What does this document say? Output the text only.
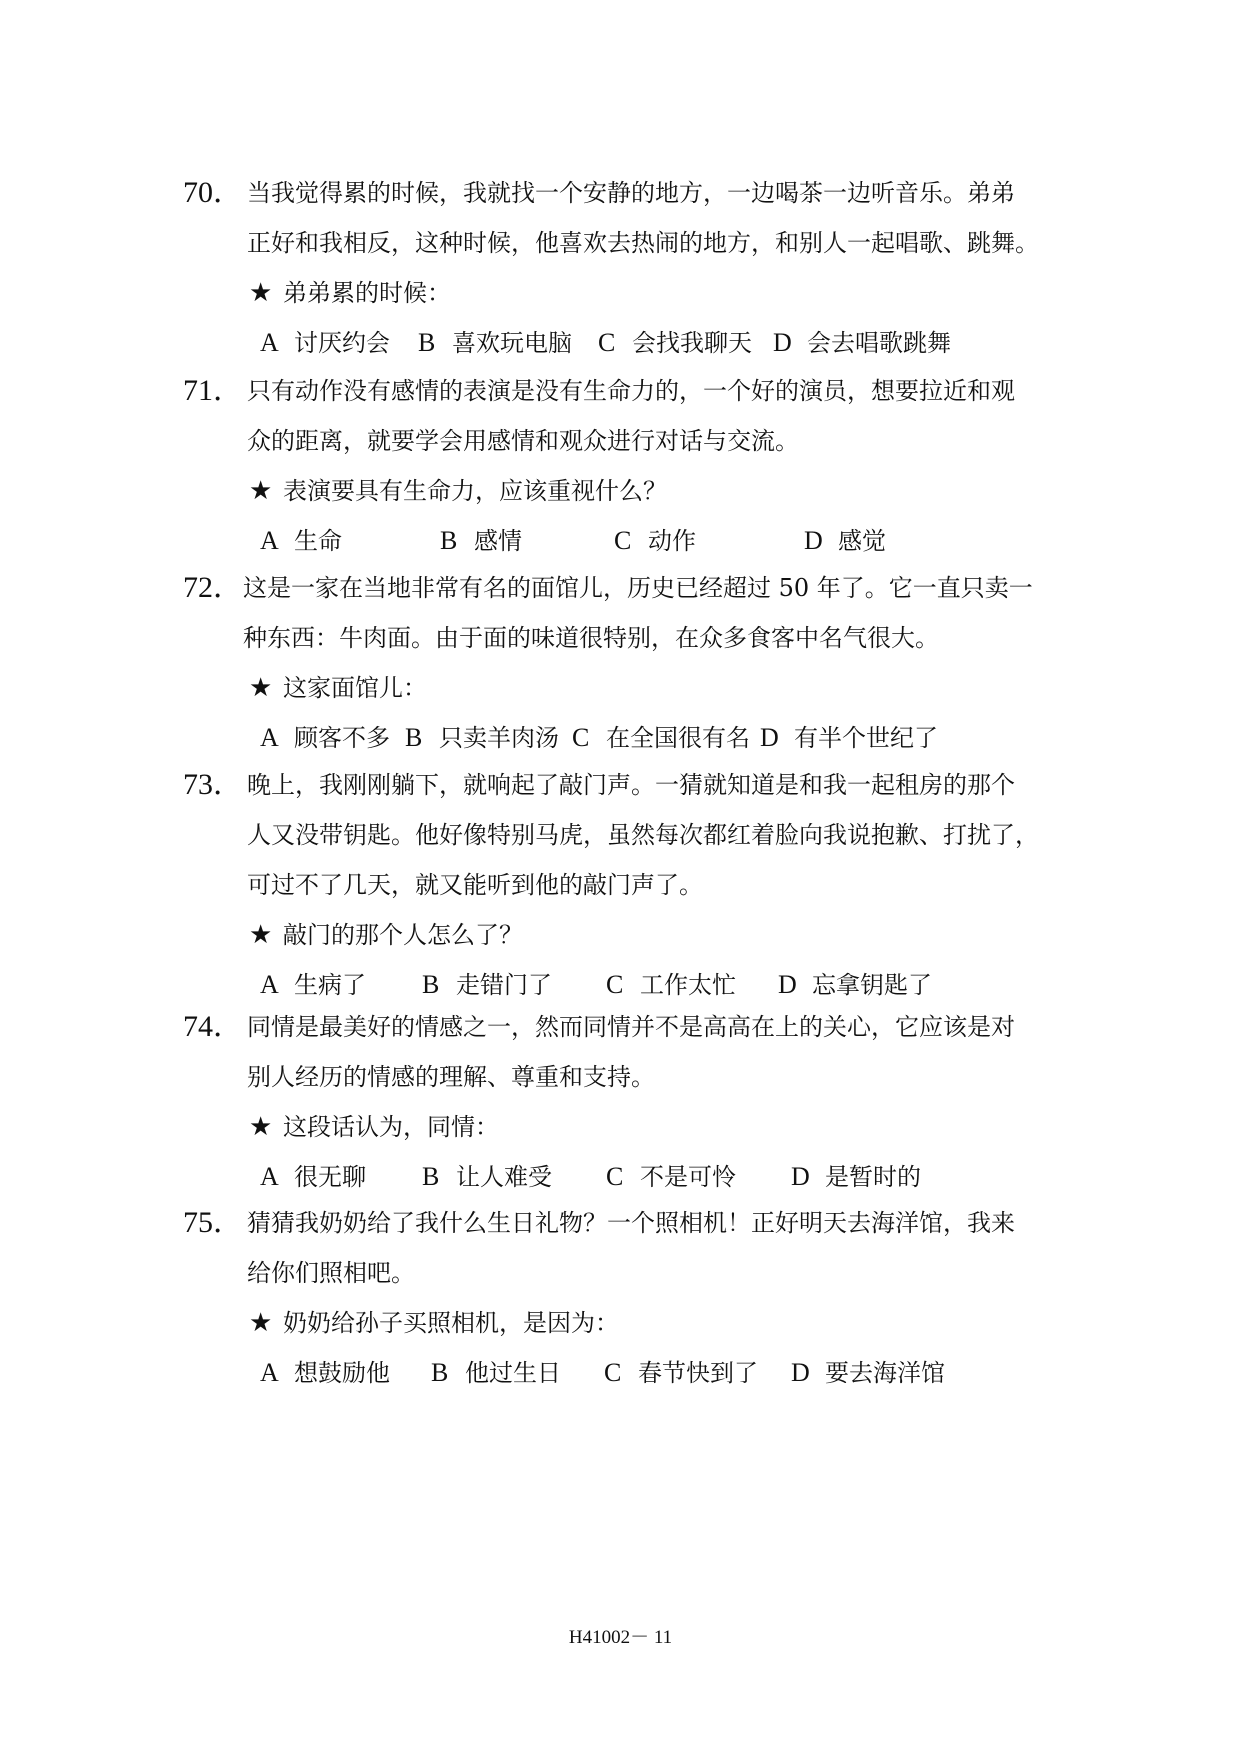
70． 当我觉得累的时候，我就找一个安静的地方，一边喝茶一边听音乐。弟弟
正好和我相反，这种时候，他喜欢去热闹的地方，和别人一起唱歌、跳舞。
★ 弟弟累的时候：
A 讨厌约会 B 喜欢玩电脑 C 会找我聊天 D 会去唱歌跳舞
71． 只有动作没有感情的表演是没有生命力的，一个好的演员，想要拉近和观
众的距离，就要学会用感情和观众进行对话与交流。
★ 表演要具有生命力，应该重视什么？
A 生命	B 感情	C 动作	D 感觉
72． 这是一家在当地非常有名的面馆儿，历史已经超过 50 年了。它一直只卖一
种东西：牛肉面。由于面的味道很特别，在众多食客中名气很大。
★ 这家面馆儿：
A 顾客不多 B 只卖羊肉汤 C 在全国很有名 D 有半个世纪了
73． 晚上，我刚刚躺下，就响起了敲门声。一猜就知道是和我一起租房的那个
人又没带钥匙。他好像特别马虎，虽然每次都红着脸向我说抱歉、打扰了，
可过不了几天，就又能听到他的敲门声了。
★ 敲门的那个人怎么了？
A 生病了 B 走错门了 C 工作太忙 D 忘拿钥匙了
74． 同情是最美好的情感之一，然而同情并不是高高在上的关心，它应该是对
别人经历的情感的理解、尊重和支持。
★ 这段话认为，同情：
A 很无聊 B 让人难受 C 不是可怜 D 是暂时的
75． 猜猜我奶奶给了我什么生日礼物？一个照相机！正好明天去海洋馆，我来
给你们照相吧。
★ 奶奶给孙子买照相机，是因为：
A 想鼓励他 B 他过生日 C 春节快到了 D 要去海洋馆
H41002－ 11
